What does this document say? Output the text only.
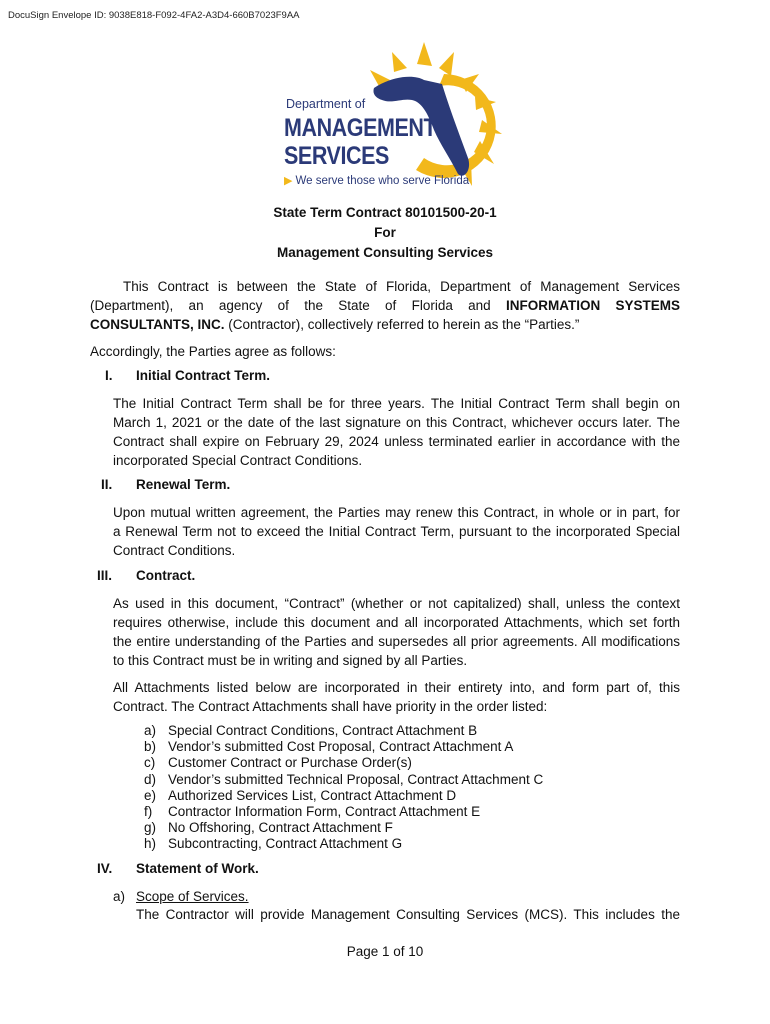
DocuSign Envelope ID: 9038E818-F092-4FA2-A3D4-660B7023F9AA
Department of
MANAGEMENT
SERVICES
▶ We serve those who serve Florida
State Term Contract 80101500-20-1
For
Management Consulting Services
This Contract is between the State of Florida, Department of Management Services
(Department), an agency of the State of Florida and INFORMATION SYSTEMS
CONSULTANTS, INC. (Contractor), collectively referred to herein as the “Parties.”
Accordingly, the Parties agree as follows:
I. Initial Contract Term.
The Initial Contract Term shall be for three years. The Initial Contract Term shall begin on
March 1, 2021 or the date of the last signature on this Contract, whichever occurs later. The
Contract shall expire on February 29, 2024 unless terminated earlier in accordance with the
incorporated Special Contract Conditions.
II. Renewal Term.
Upon mutual written agreement, the Parties may renew this Contract, in whole or in part, for
a Renewal Term not to exceed the Initial Contract Term, pursuant to the incorporated Special
Contract Conditions.
III. Contract.
As used in this document, “Contract” (whether or not capitalized) shall, unless the context
requires otherwise, include this document and all incorporated Attachments, which set forth
the entire understanding of the Parties and supersedes all prior agreements. All modifications
to this Contract must be in writing and signed by all Parties.
All Attachments listed below are incorporated in their entirety into, and form part of, this
Contract. The Contract Attachments shall have priority in the order listed:
a) Special Contract Conditions, Contract Attachment B
b) Vendor’s submitted Cost Proposal, Contract Attachment A
c) Customer Contract or Purchase Order(s)
d) Vendor’s submitted Technical Proposal, Contract Attachment C
e) Authorized Services List, Contract Attachment D
f)	Contractor Information Form, Contract Attachment E
g) No Offshoring, Contract Attachment F
h) Subcontracting, Contract Attachment G
IV. Statement of Work.
a) Scope of Services.
The Contractor will provide Management Consulting Services (MCS). This includes the
Page 1 of 10
